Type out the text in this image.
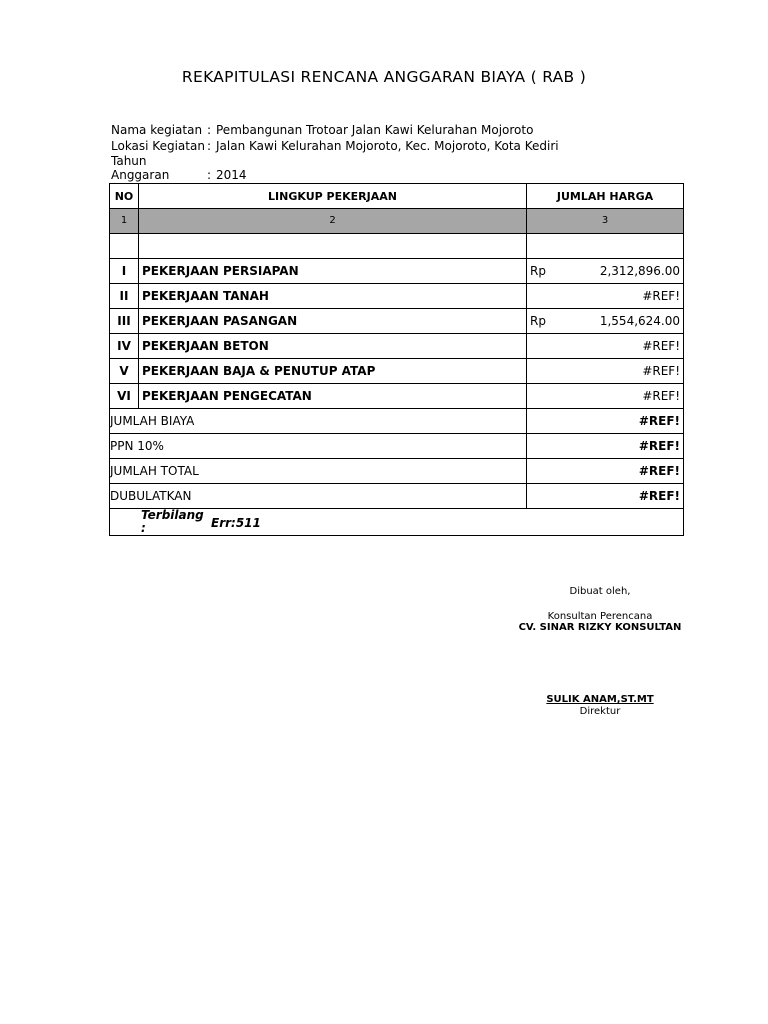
REKAPITULASI RENCANA ANGGARAN BIAYA ( RAB )
Nama kegiatan : Pembangunan Trotoar Jalan Kawi Kelurahan Mojoroto
Lokasi Kegiatan : Jalan Kawi Kelurahan Mojoroto, Kec. Mojoroto, Kota Kediri
Tahun Anggaran	: 2014
NO	LINGKUP PEKERJAAN	JUMLAH HARGA
1	2	3

I	PEKERJAAN PERSIAPAN	Rp 2,312,896.00

II	PEKERJAAN TANAH	#REF!

III	PEKERJAAN PASANGAN	Rp 1,554,624.00

IV	PEKERJAAN BETON	#REF!

V	PEKERJAAN BAJA & PENUTUP ATAP	#REF!

VI	PEKERJAAN PENGECATAN	#REF!

JUMLAH BIAYA		#REF!
PPN 10%		#REF!
JUMLAH TOTAL		#REF!
DUBULATKAN		#REF!

Terbilang : Err:511		
Dibuat oleh,
Konsultan Perencana
CV. SINAR RIZKY KONSULTAN
SULIK ANAM,ST.MT
Direktur
